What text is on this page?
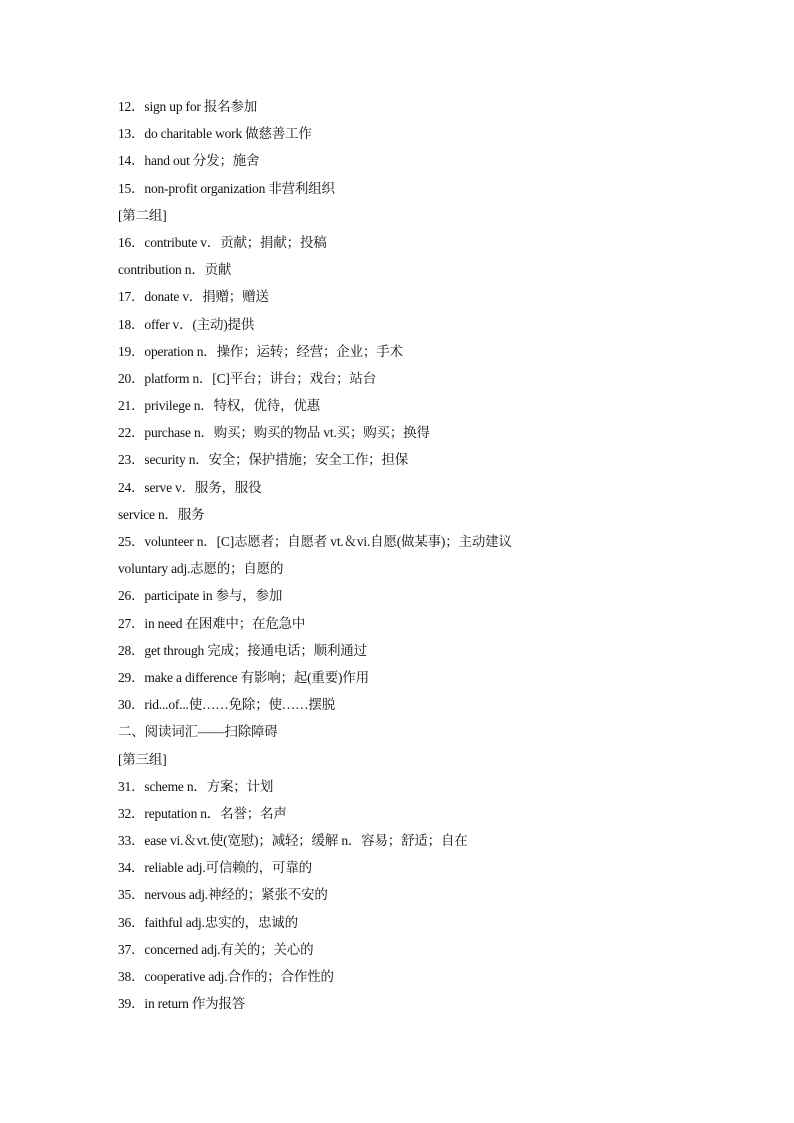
12．sign up for 报名参加
13．do charitable work 做慈善工作
14．hand out 分发；施舍
15．non-profit organization 非营利组织
[第二组]
16．contribute v．贡献；捐献；投稿
contribution n．贡献
17．donate v．捐赠；赠送
18．offer v．(主动)提供
19．operation n．操作；运转；经营；企业；手术
20．platform n．[C]平台；讲台；戏台；站台
21．privilege n．特权，优待，优惠
22．purchase n．购买；购买的物品 vt.买；购买；换得
23．security n．安全；保护措施；安全工作；担保
24．serve v．服务，服役
service n．服务
25．volunteer n．[C]志愿者；自愿者 vt.＆vi.自愿(做某事)；主动建议
voluntary adj.志愿的；自愿的
26．participate in 参与，参加
27．in need 在困难中；在危急中
28．get through 完成；接通电话；顺利通过
29．make a difference 有影响；起(重要)作用
30．rid...of...使……免除；使……摆脱
二、阅读词汇——扫除障碍
[第三组]
31．scheme n．方案；计划
32．reputation n．名誉；名声
33．ease vi.＆vt.使(宽慰)；减轻；缓解 n．容易；舒适；自在
34．reliable adj.可信赖的，可靠的
35．nervous adj.神经的；紧张不安的
36．faithful adj.忠实的，忠诚的
37．concerned adj.有关的；关心的
38．cooperative adj.合作的；合作性的
39．in return 作为报答
